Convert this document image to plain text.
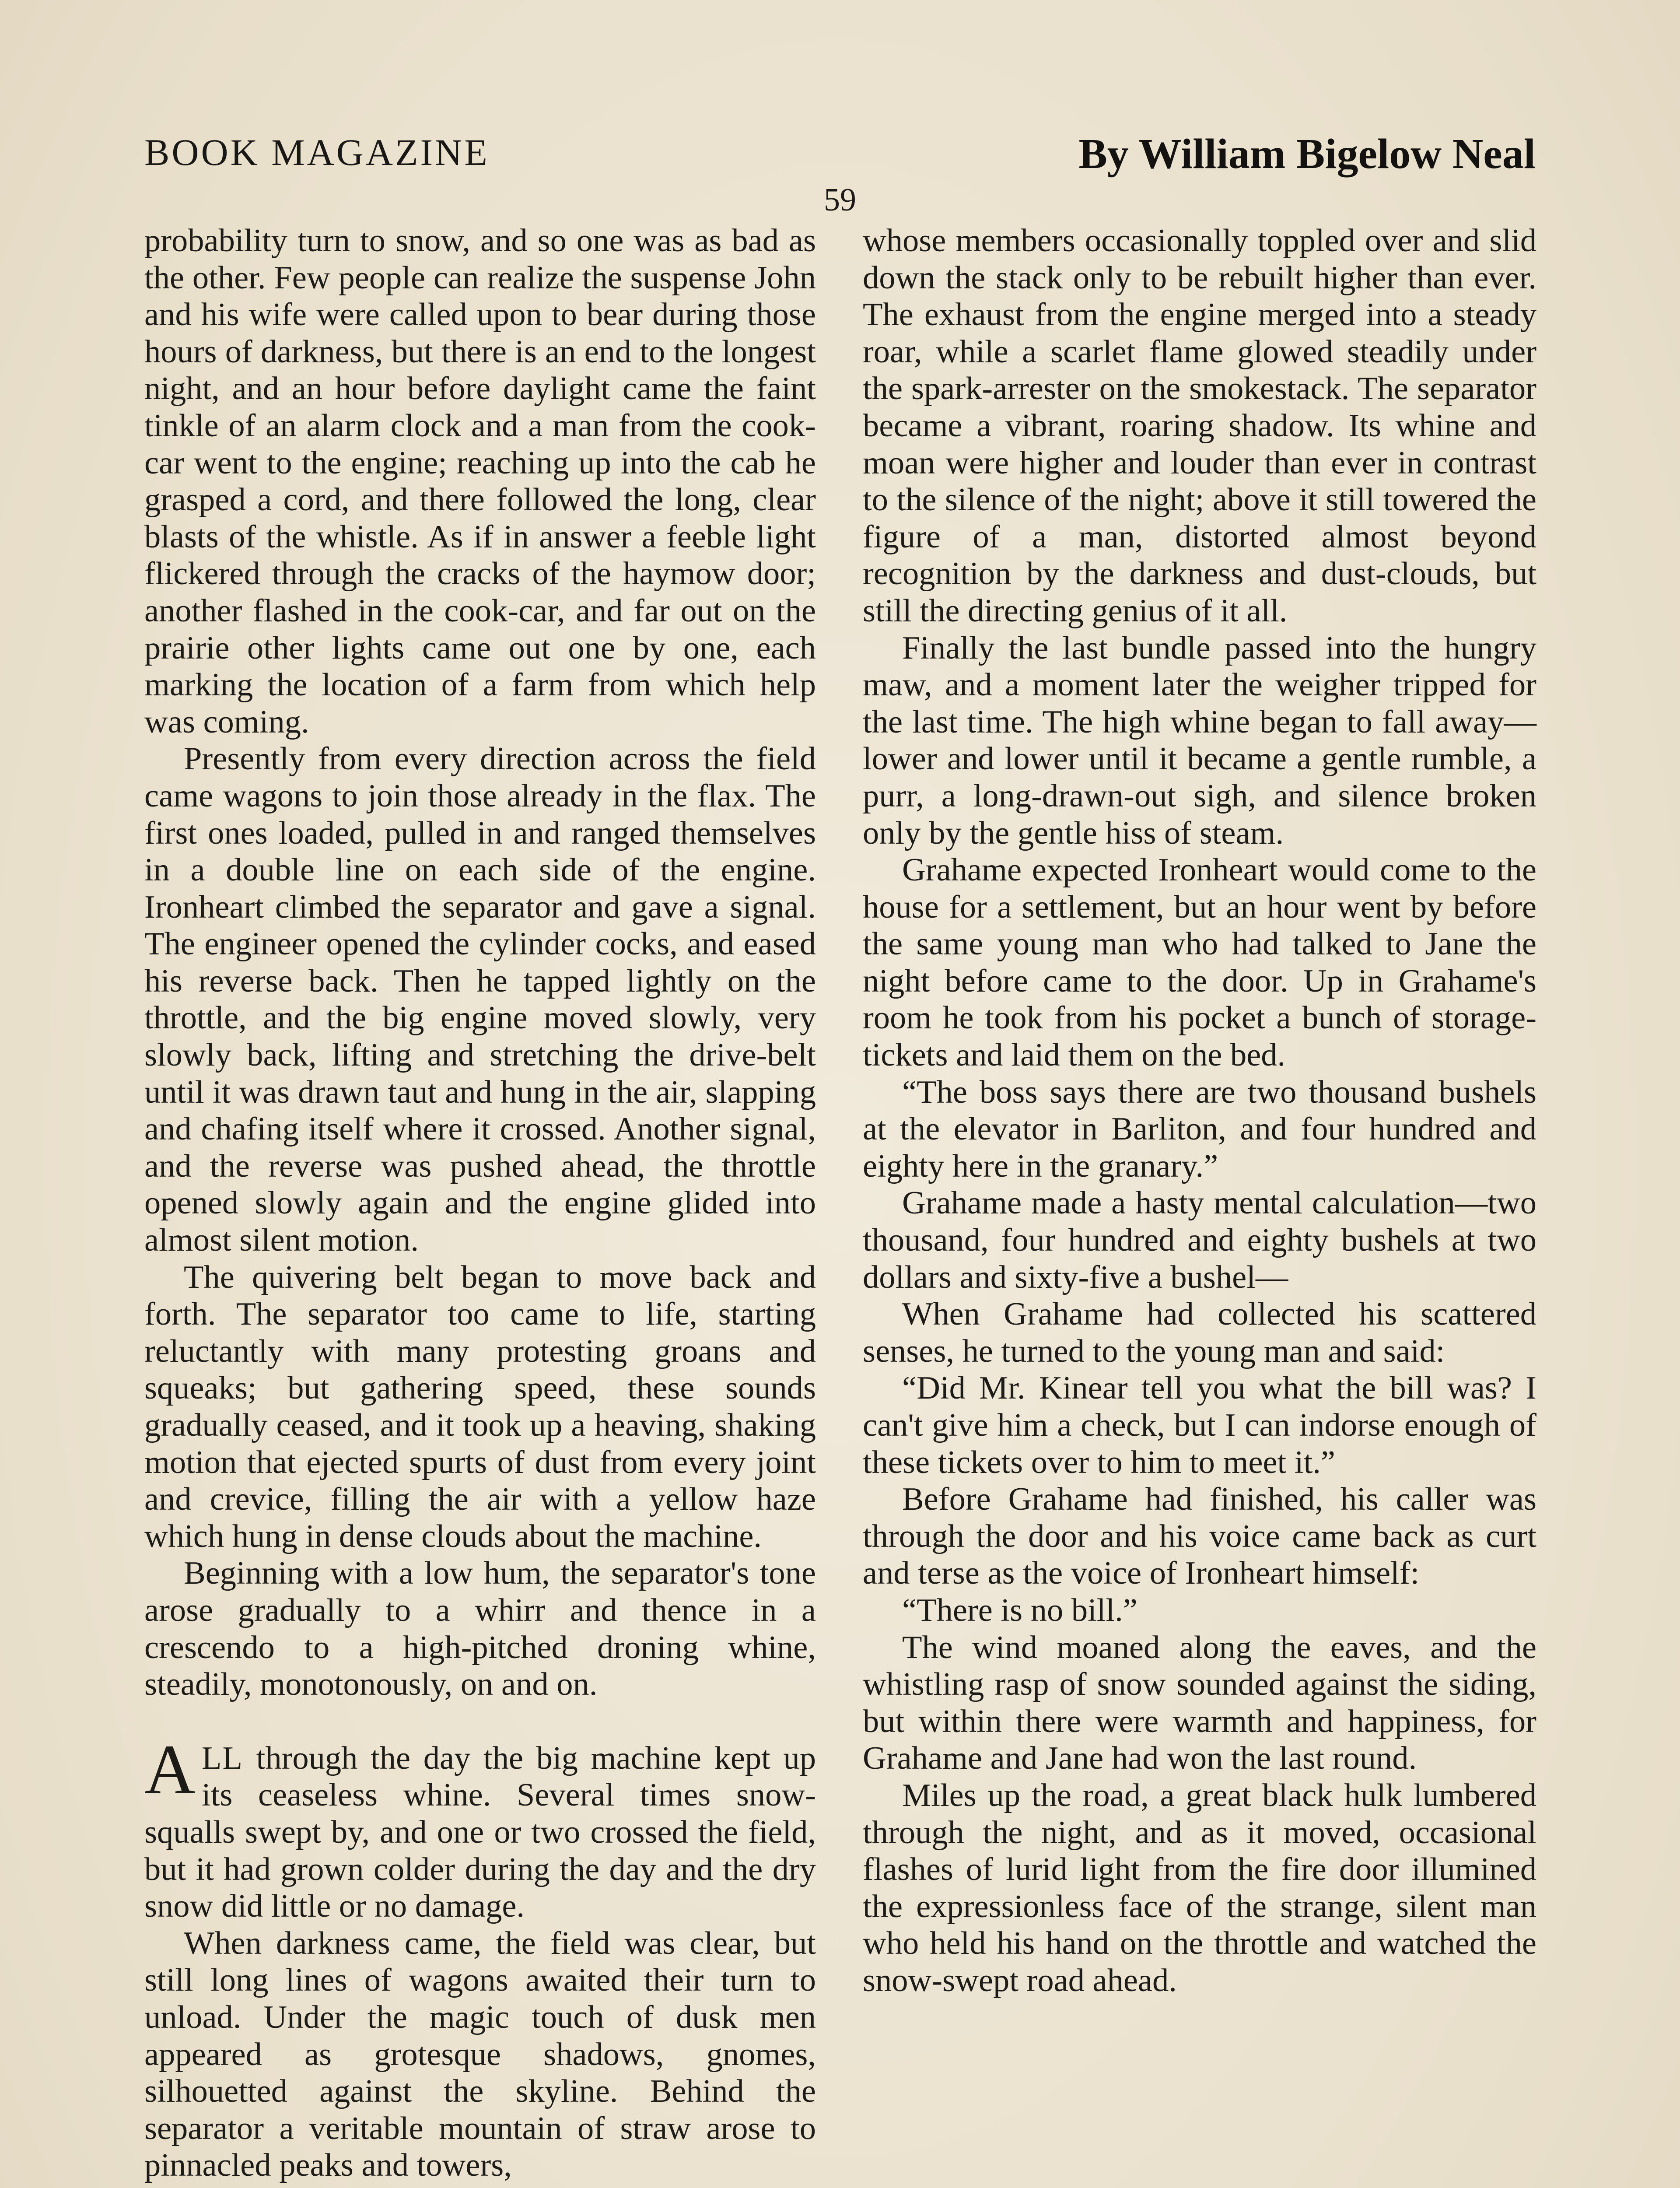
BOOK MAGAZINE	By William Bigelow Neal
59

probability turn to snow, and so one was as bad as the other. Few people can realize the suspense John and his wife were called upon to bear during those hours of darkness, but there is an end to the longest night, and an hour before daylight came the faint tinkle of an alarm clock and a man from the cook-car went to the engine; reaching up into the cab he grasped a cord, and there followed the long, clear blasts of the whistle. As if in answer a feeble light flickered through the cracks of the haymow door; another flashed in the cook-car, and far out on the prairie other lights came out one by one, each marking the location of a farm from which help was coming.

Presently from every direction across the field came wagons to join those already in the flax. The first ones loaded, pulled in and ranged themselves in a double line on each side of the engine. Ironheart climbed the separator and gave a signal. The engineer opened the cylinder cocks, and eased his reverse back. Then he tapped lightly on the throttle, and the big engine moved slowly, very slowly back, lifting and stretching the drive-belt until it was drawn taut and hung in the air, slapping and chafing itself where it crossed. Another signal, and the reverse was pushed ahead, the throttle opened slowly again and the engine glided into almost silent motion.

The quivering belt began to move back and forth. The separator too came to life, starting reluctantly with many protesting groans and squeaks; but gathering speed, these sounds gradually ceased, and it took up a heaving, shaking motion that ejected spurts of dust from every joint and crevice, filling the air with a yellow haze which hung in dense clouds about the machine.

Beginning with a low hum, the separator's tone arose gradually to a whirr and thence in a crescendo to a high-pitched droning whine, steadily, monotonously, on and on.

ALL through the day the big machine kept up its ceaseless whine. Several times snow-squalls swept by, and one or two crossed the field, but it had grown colder during the day and the dry snow did little or no damage.

When darkness came, the field was clear, but still long lines of wagons awaited their turn to unload. Under the magic touch of dusk men appeared as grotesque shadows, gnomes, silhouetted against the skyline. Behind the separator a veritable mountain of straw arose to pinnacled peaks and towers,

whose members occasionally toppled over and slid down the stack only to be rebuilt higher than ever. The exhaust from the engine merged into a steady roar, while a scarlet flame glowed steadily under the spark-arrester on the smokestack. The separator became a vibrant, roaring shadow. Its whine and moan were higher and louder than ever in contrast to the silence of the night; above it still towered the figure of a man, distorted almost beyond recognition by the darkness and dust-clouds, but still the directing genius of it all.

Finally the last bundle passed into the hungry maw, and a moment later the weigher tripped for the last time. The high whine began to fall away—lower and lower until it became a gentle rumble, a purr, a long-drawn-out sigh, and silence broken only by the gentle hiss of steam.

Grahame expected Ironheart would come to the house for a settlement, but an hour went by before the same young man who had talked to Jane the night before came to the door. Up in Grahame's room he took from his pocket a bunch of storage-tickets and laid them on the bed.

“The boss says there are two thousand bushels at the elevator in Barliton, and four hundred and eighty here in the granary.”

Grahame made a hasty mental calculation—two thousand, four hundred and eighty bushels at two dollars and sixty-five a bushel—

When Grahame had collected his scattered senses, he turned to the young man and said:

“Did Mr. Kinear tell you what the bill was? I can't give him a check, but I can indorse enough of these tickets over to him to meet it.”

Before Grahame had finished, his caller was through the door and his voice came back as curt and terse as the voice of Ironheart himself:

“There is no bill.”

The wind moaned along the eaves, and the whistling rasp of snow sounded against the siding, but within there were warmth and happiness, for Grahame and Jane had won the last round.

Miles up the road, a great black hulk lumbered through the night, and as it moved, occasional flashes of lurid light from the fire door illumined the expressionless face of the strange, silent man who held his hand on the throttle and watched the snow-swept road ahead.
